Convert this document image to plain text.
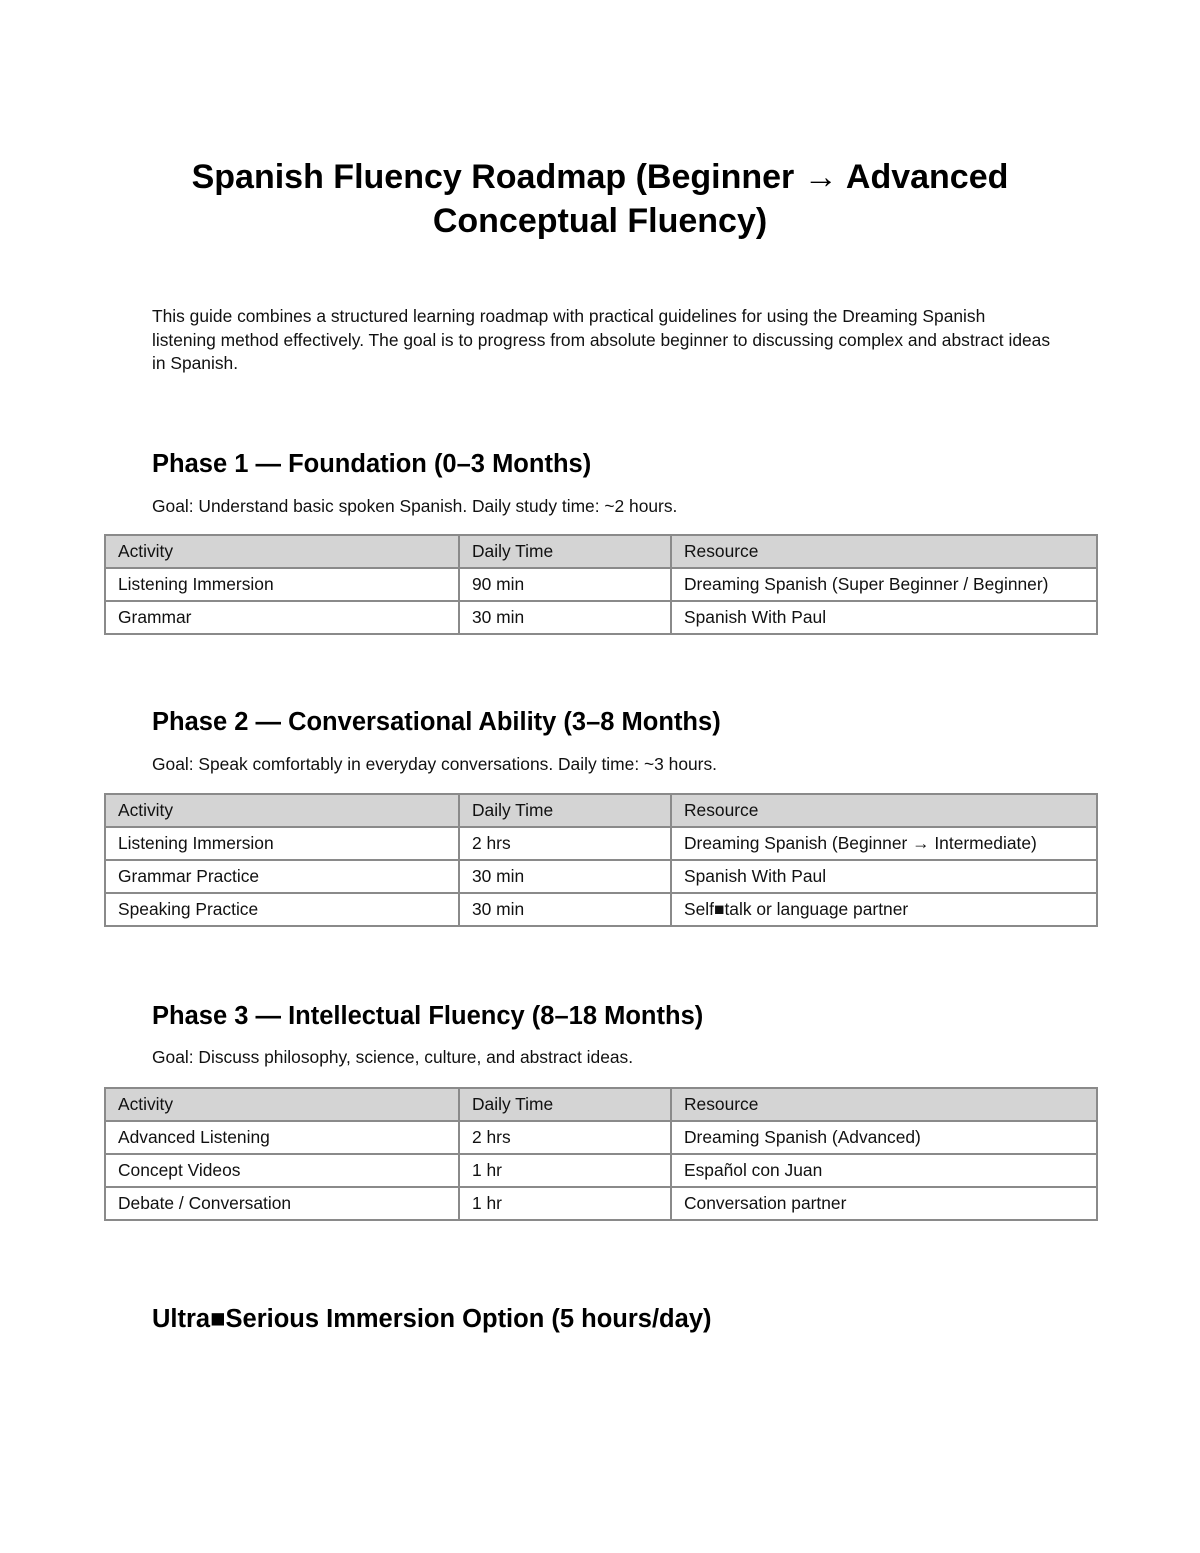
Spanish Fluency Roadmap (Beginner → Advanced Conceptual Fluency)

This guide combines a structured learning roadmap with practical guidelines for using the Dreaming Spanish listening method effectively. The goal is to progress from absolute beginner to discussing complex and abstract ideas in Spanish.

Phase 1 — Foundation (0–3 Months)

Goal: Understand basic spoken Spanish. Daily study time: ~2 hours.

Activity	Daily Time	Resource
Listening Immersion	90 min	Dreaming Spanish (Super Beginner / Beginner)
Grammar	30 min	Spanish With Paul
Phase 2 — Conversational Ability (3–8 Months)

Goal: Speak comfortably in everyday conversations. Daily time: ~3 hours.

Activity	Daily Time	Resource
Listening Immersion	2 hrs	Dreaming Spanish (Beginner → Intermediate)
Grammar Practice	30 min	Spanish With Paul
Speaking Practice	30 min	Self■talk or language partner
Phase 3 — Intellectual Fluency (8–18 Months)

Goal: Discuss philosophy, science, culture, and abstract ideas.

Activity	Daily Time	Resource
Advanced Listening	2 hrs	Dreaming Spanish (Advanced)
Concept Videos	1 hr	Español con Juan
Debate / Conversation	1 hr	Conversation partner
Ultra■Serious Immersion Option (5 hours/day)
